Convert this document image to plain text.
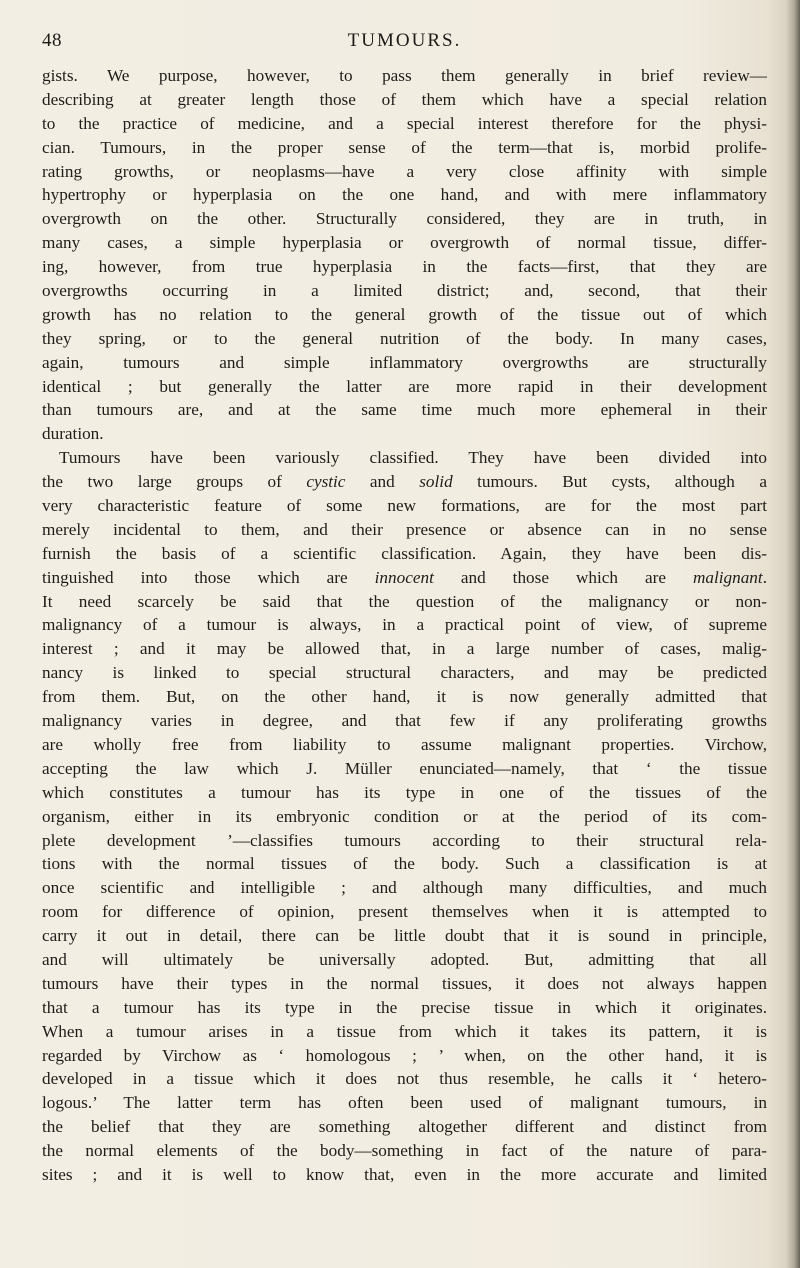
48	TUMOURS.
gists. We purpose, however, to pass them generally in brief review—
describing at greater length those of them which have a special relation
to the practice of medicine, and a special interest therefore for the physi-
cian. Tumours, in the proper sense of the term—that is, morbid prolife-
rating growths, or neoplasms—have a very close affinity with simple
hypertrophy or hyperplasia on the one hand, and with mere inflammatory
overgrowth on the other. Structurally considered, they are in truth, in
many cases, a simple hyperplasia or overgrowth of normal tissue, differ-
ing, however, from true hyperplasia in the facts—first, that they are
overgrowths occurring in a limited district; and, second, that their
growth has no relation to the general growth of the tissue out of which
they spring, or to the general nutrition of the body. In many cases,
again, tumours and simple inflammatory overgrowths are structurally
identical ; but generally the latter are more rapid in their development
than tumours are, and at the same time much more ephemeral in their
duration.
Tumours have been variously classified. They have been divided into
the two large groups of cystic and solid tumours. But cysts, although a
very characteristic feature of some new formations, are for the most part
merely incidental to them, and their presence or absence can in no sense
furnish the basis of a scientific classification. Again, they have been dis-
tinguished into those which are innocent and those which are malignant.
It need scarcely be said that the question of the malignancy or non-
malignancy of a tumour is always, in a practical point of view, of supreme
interest ; and it may be allowed that, in a large number of cases, malig-
nancy is linked to special structural characters, and may be predicted
from them. But, on the other hand, it is now generally admitted that
malignancy varies in degree, and that few if any proliferating growths
are wholly free from liability to assume malignant properties. Virchow,
accepting the law which J. Müller enunciated—namely, that ‘ the tissue
which constitutes a tumour has its type in one of the tissues of the
organism, either in its embryonic condition or at the period of its com-
plete development ’—classifies tumours according to their structural rela-
tions with the normal tissues of the body. Such a classification is at
once scientific and intelligible ; and although many difficulties, and much
room for difference of opinion, present themselves when it is attempted to
carry it out in detail, there can be little doubt that it is sound in principle,
and will ultimately be universally adopted. But, admitting that all
tumours have their types in the normal tissues, it does not always happen
that a tumour has its type in the precise tissue in which it originates.
When a tumour arises in a tissue from which it takes its pattern, it is
regarded by Virchow as ‘ homologous ; ’ when, on the other hand, it is
developed in a tissue which it does not thus resemble, he calls it ‘ hetero-
logous.’ The latter term has often been used of malignant tumours, in
the belief that they are something altogether different and distinct from
the normal elements of the body—something in fact of the nature of para-
sites ; and it is well to know that, even in the more accurate and limited
